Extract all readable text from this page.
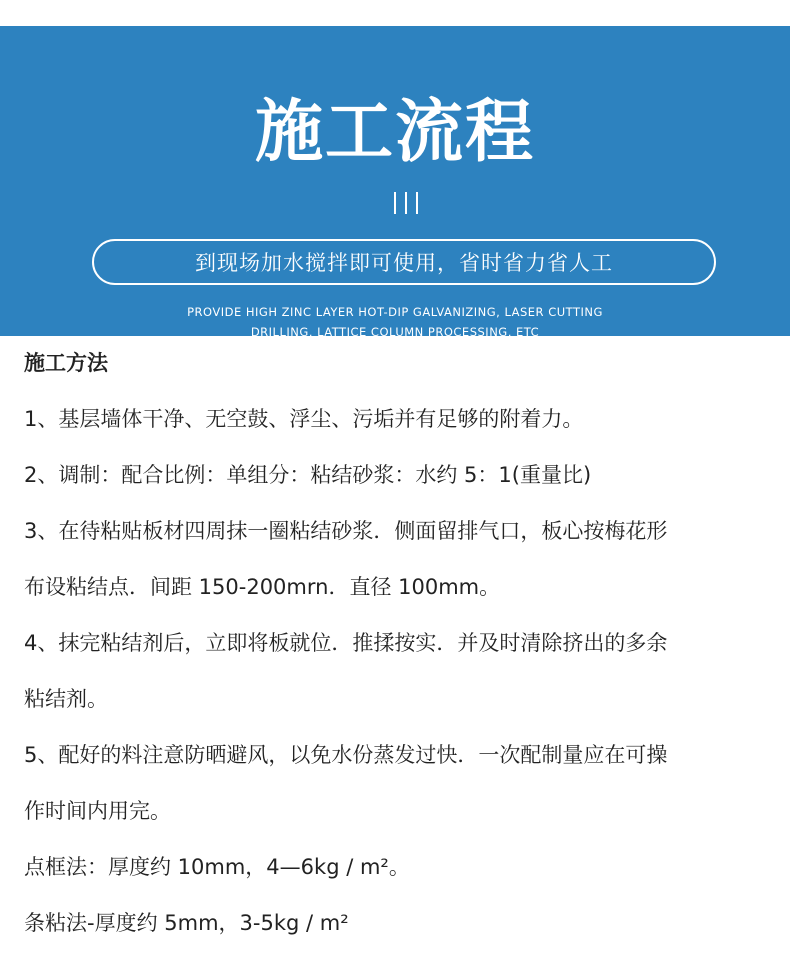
施工流程
到现场加水搅拌即可使用，省时省力省人工
PROVIDE HIGH ZINC LAYER HOT-DIP GALVANIZING, LASER CUTTING
DRILLING, LATTICE COLUMN PROCESSING, ETC
施工方法
1、基层墙体干净、无空鼓、浮尘、污垢并有足够的附着力。
2、调制：配合比例：单组分：粘结砂浆：水约 5：1(重量比)
3、在待粘贴板材四周抹一圈粘结砂浆．侧面留排气口，板心按梅花形
布设粘结点．间距 150-200mrn．直径 100mm。
4、抹完粘结剂后，立即将板就位．推揉按实．并及时清除挤出的多余
粘结剂。
5、配好的料注意防晒避风，以免水份蒸发过快．一次配制量应在可操
作时间内用完。
点框法：厚度约 10mm，4—6kg / m²。
条粘法-厚度约 5mm，3-5kg / m²
